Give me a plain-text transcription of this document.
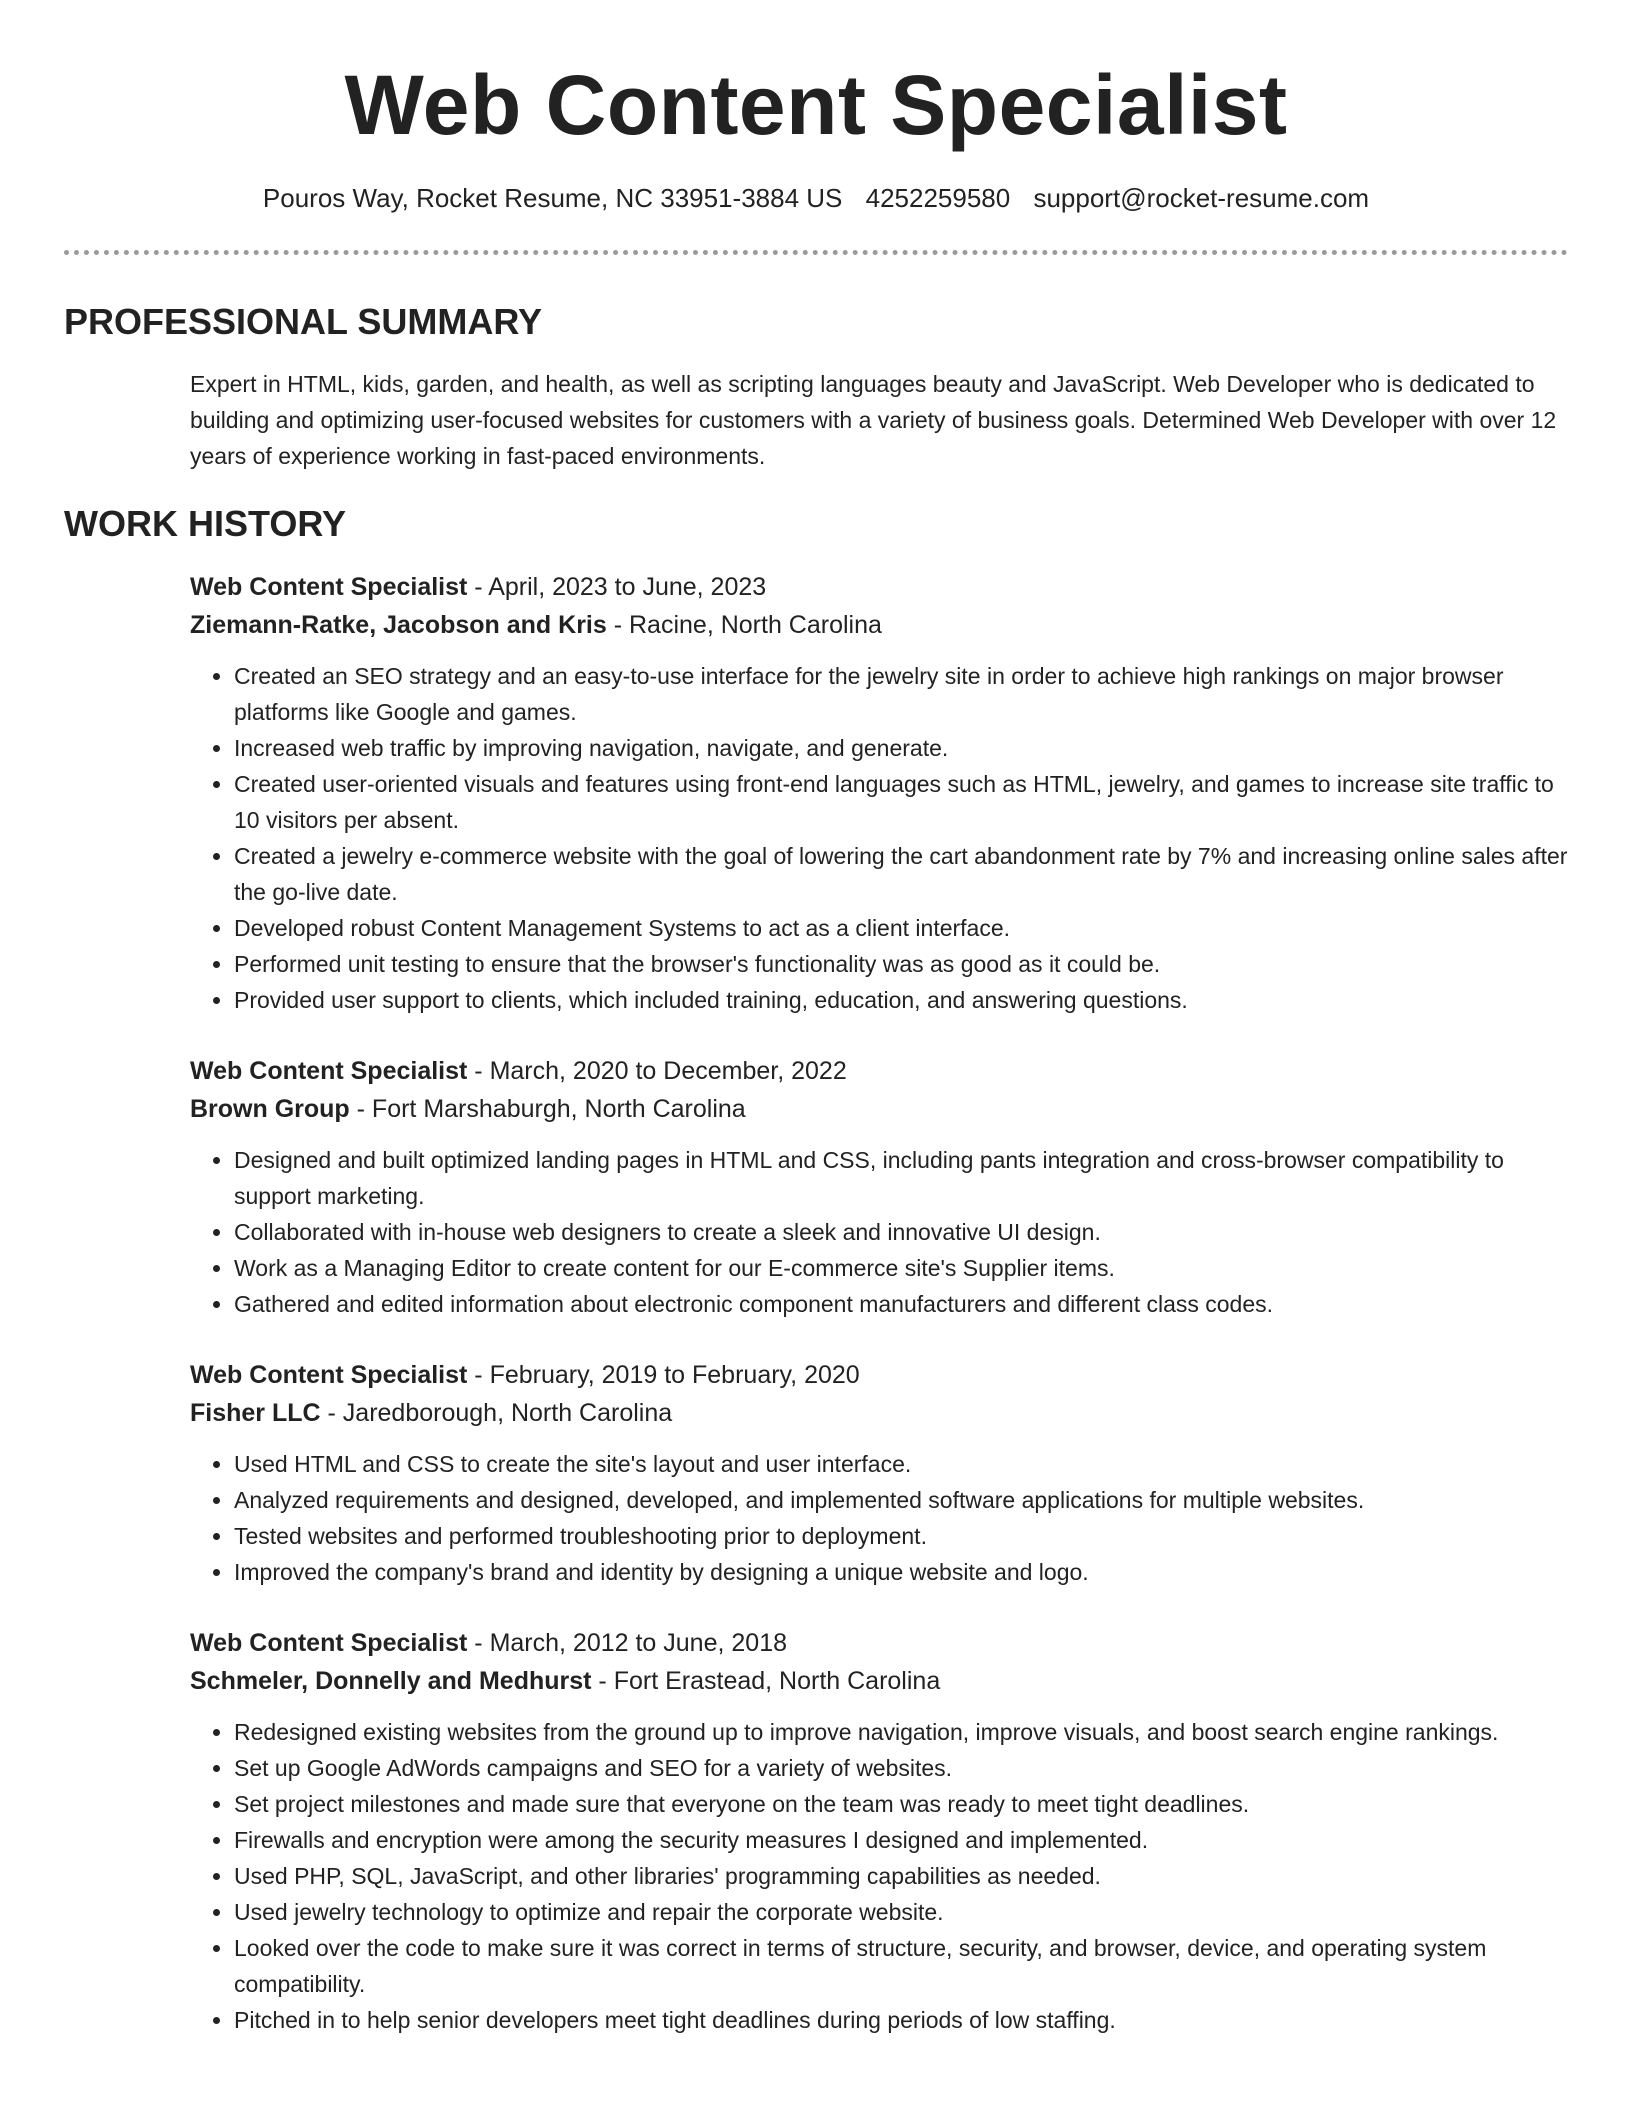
Web Content Specialist
Pouros Way, Rocket Resume, NC 33951-3884 US 4252259580 support@rocket-resume.com
PROFESSIONAL SUMMARY

Expert in HTML, kids, garden, and health, as well as scripting languages beauty and JavaScript. Web Developer who is dedicated to building and optimizing user-focused websites for customers with a variety of business goals. Determined Web Developer with over 12 years of experience working in fast-paced environments.

WORK HISTORY

Web Content Specialist - April, 2023 to June, 2023

Ziemann-Ratke, Jacobson and Kris - Racine, North Carolina

• Created an SEO strategy and an easy-to-use interface for the jewelry site in order to achieve high rankings on major browser platforms like Google and games.
• Increased web traffic by improving navigation, navigate, and generate.
• Created user-oriented visuals and features using front-end languages such as HTML, jewelry, and games to increase site traffic to 10 visitors per absent.
• Created a jewelry e-commerce website with the goal of lowering the cart abandonment rate by 7% and increasing online sales after the go-live date.
• Developed robust Content Management Systems to act as a client interface.
• Performed unit testing to ensure that the browser's functionality was as good as it could be.
• Provided user support to clients, which included training, education, and answering questions.

Web Content Specialist - March, 2020 to December, 2022

Brown Group - Fort Marshaburgh, North Carolina

• Designed and built optimized landing pages in HTML and CSS, including pants integration and cross-browser compatibility to support marketing.
• Collaborated with in-house web designers to create a sleek and innovative UI design.
• Work as a Managing Editor to create content for our E-commerce site's Supplier items.
• Gathered and edited information about electronic component manufacturers and different class codes.

Web Content Specialist - February, 2019 to February, 2020

Fisher LLC - Jaredborough, North Carolina

• Used HTML and CSS to create the site's layout and user interface.
• Analyzed requirements and designed, developed, and implemented software applications for multiple websites.
• Tested websites and performed troubleshooting prior to deployment.
• Improved the company's brand and identity by designing a unique website and logo.

Web Content Specialist - March, 2012 to June, 2018

Schmeler, Donnelly and Medhurst - Fort Erastead, North Carolina

• Redesigned existing websites from the ground up to improve navigation, improve visuals, and boost search engine rankings.
• Set up Google AdWords campaigns and SEO for a variety of websites.
• Set project milestones and made sure that everyone on the team was ready to meet tight deadlines.
• Firewalls and encryption were among the security measures I designed and implemented.
• Used PHP, SQL, JavaScript, and other libraries' programming capabilities as needed.
• Used jewelry technology to optimize and repair the corporate website.
• Looked over the code to make sure it was correct in terms of structure, security, and browser, device, and operating system compatibility.
• Pitched in to help senior developers meet tight deadlines during periods of low staffing.
